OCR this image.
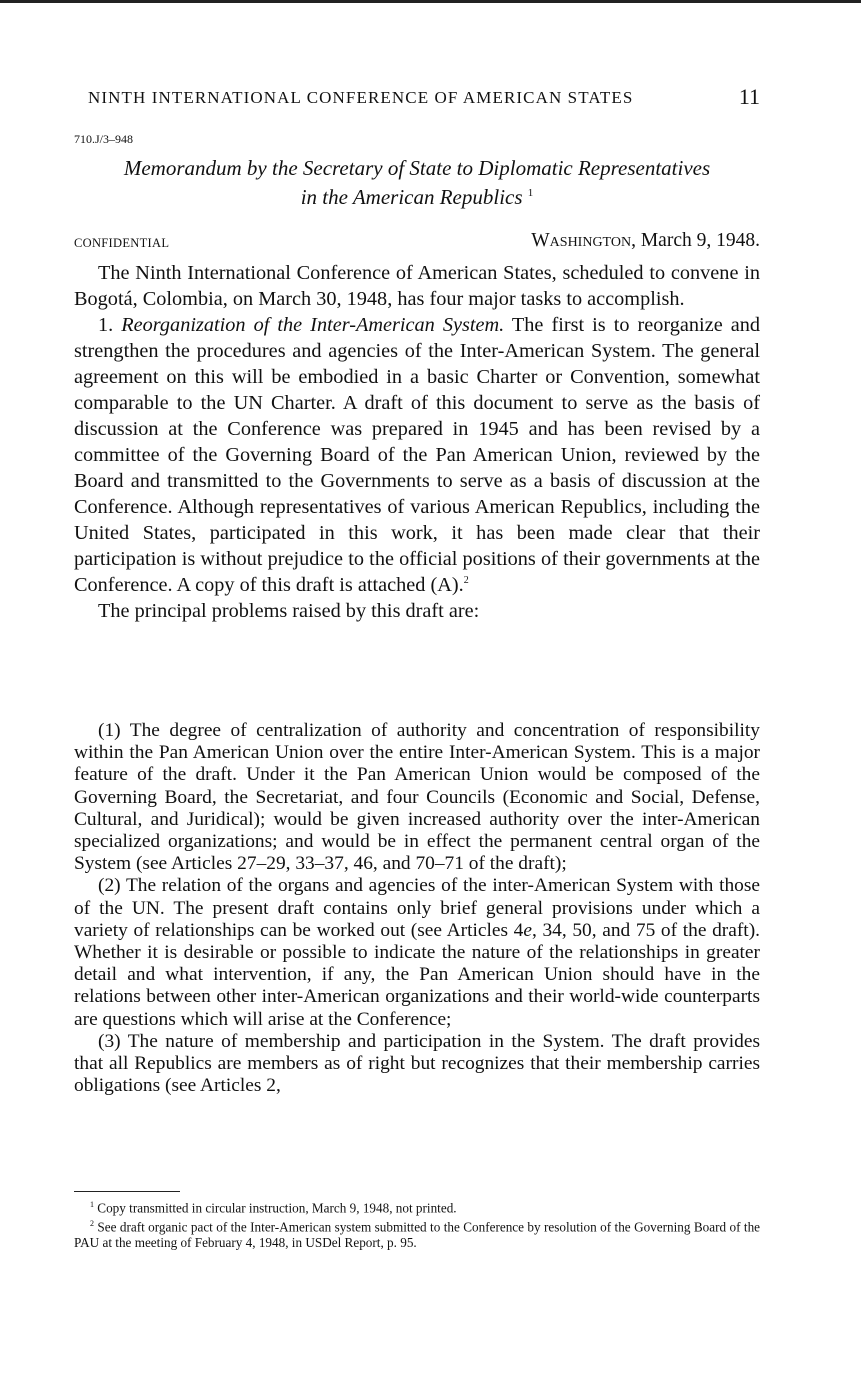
NINTH INTERNATIONAL CONFERENCE OF AMERICAN STATES	11
710.J/3–948
Memorandum by the Secretary of State to Diplomatic Representatives
in the American Republics $^1$
CONFIDENTIAL	Washington, March 9, 1948.

The Ninth International Conference of American States, scheduled to convene in Bogotá, Colombia, on March 30, 1948, has four major tasks to accomplish.

1. Reorganization of the Inter-American System. The first is to reorganize and strengthen the procedures and agencies of the Inter-American System. The general agreement on this will be embodied in a basic Charter or Convention, somewhat comparable to the UN Charter. A draft of this document to serve as the basis of discussion at the Conference was prepared in 1945 and has been revised by a committee of the Governing Board of the Pan American Union, reviewed by the Board and transmitted to the Governments to serve as a basis of discussion at the Conference. Although representatives of various American Republics, including the United States, participated in this work, it has been made clear that their participation is without prejudice to the official positions of their governments at the Conference. A copy of this draft is attached (A).$^2$

The principal problems raised by this draft are:

(1) The degree of centralization of authority and concentration of responsibility within the Pan American Union over the entire Inter-American System. This is a major feature of the draft. Under it the Pan American Union would be composed of the Governing Board, the Secretariat, and four Councils (Economic and Social, Defense, Cultural, and Juridical); would be given increased authority over the inter-American specialized organizations; and would be in effect the permanent central organ of the System (see Articles 27–29, 33–37, 46, and 70–71 of the draft);

(2) The relation of the organs and agencies of the inter-American System with those of the UN. The present draft contains only brief general provisions under which a variety of relationships can be worked out (see Articles 4e, 34, 50, and 75 of the draft). Whether it is desirable or possible to indicate the nature of the relationships in greater detail and what intervention, if any, the Pan American Union should have in the relations between other inter-American organizations and their world-wide counterparts are questions which will arise at the Conference;

(3) The nature of membership and participation in the System. The draft provides that all Republics are members as of right but recognizes that their membership carries obligations (see Articles 2,

$^1$ Copy transmitted in circular instruction, March 9, 1948, not printed.

$^2$ See draft organic pact of the Inter-American system submitted to the Conference by resolution of the Governing Board of the PAU at the meeting of February 4, 1948, in USDel Report, p. 95.
